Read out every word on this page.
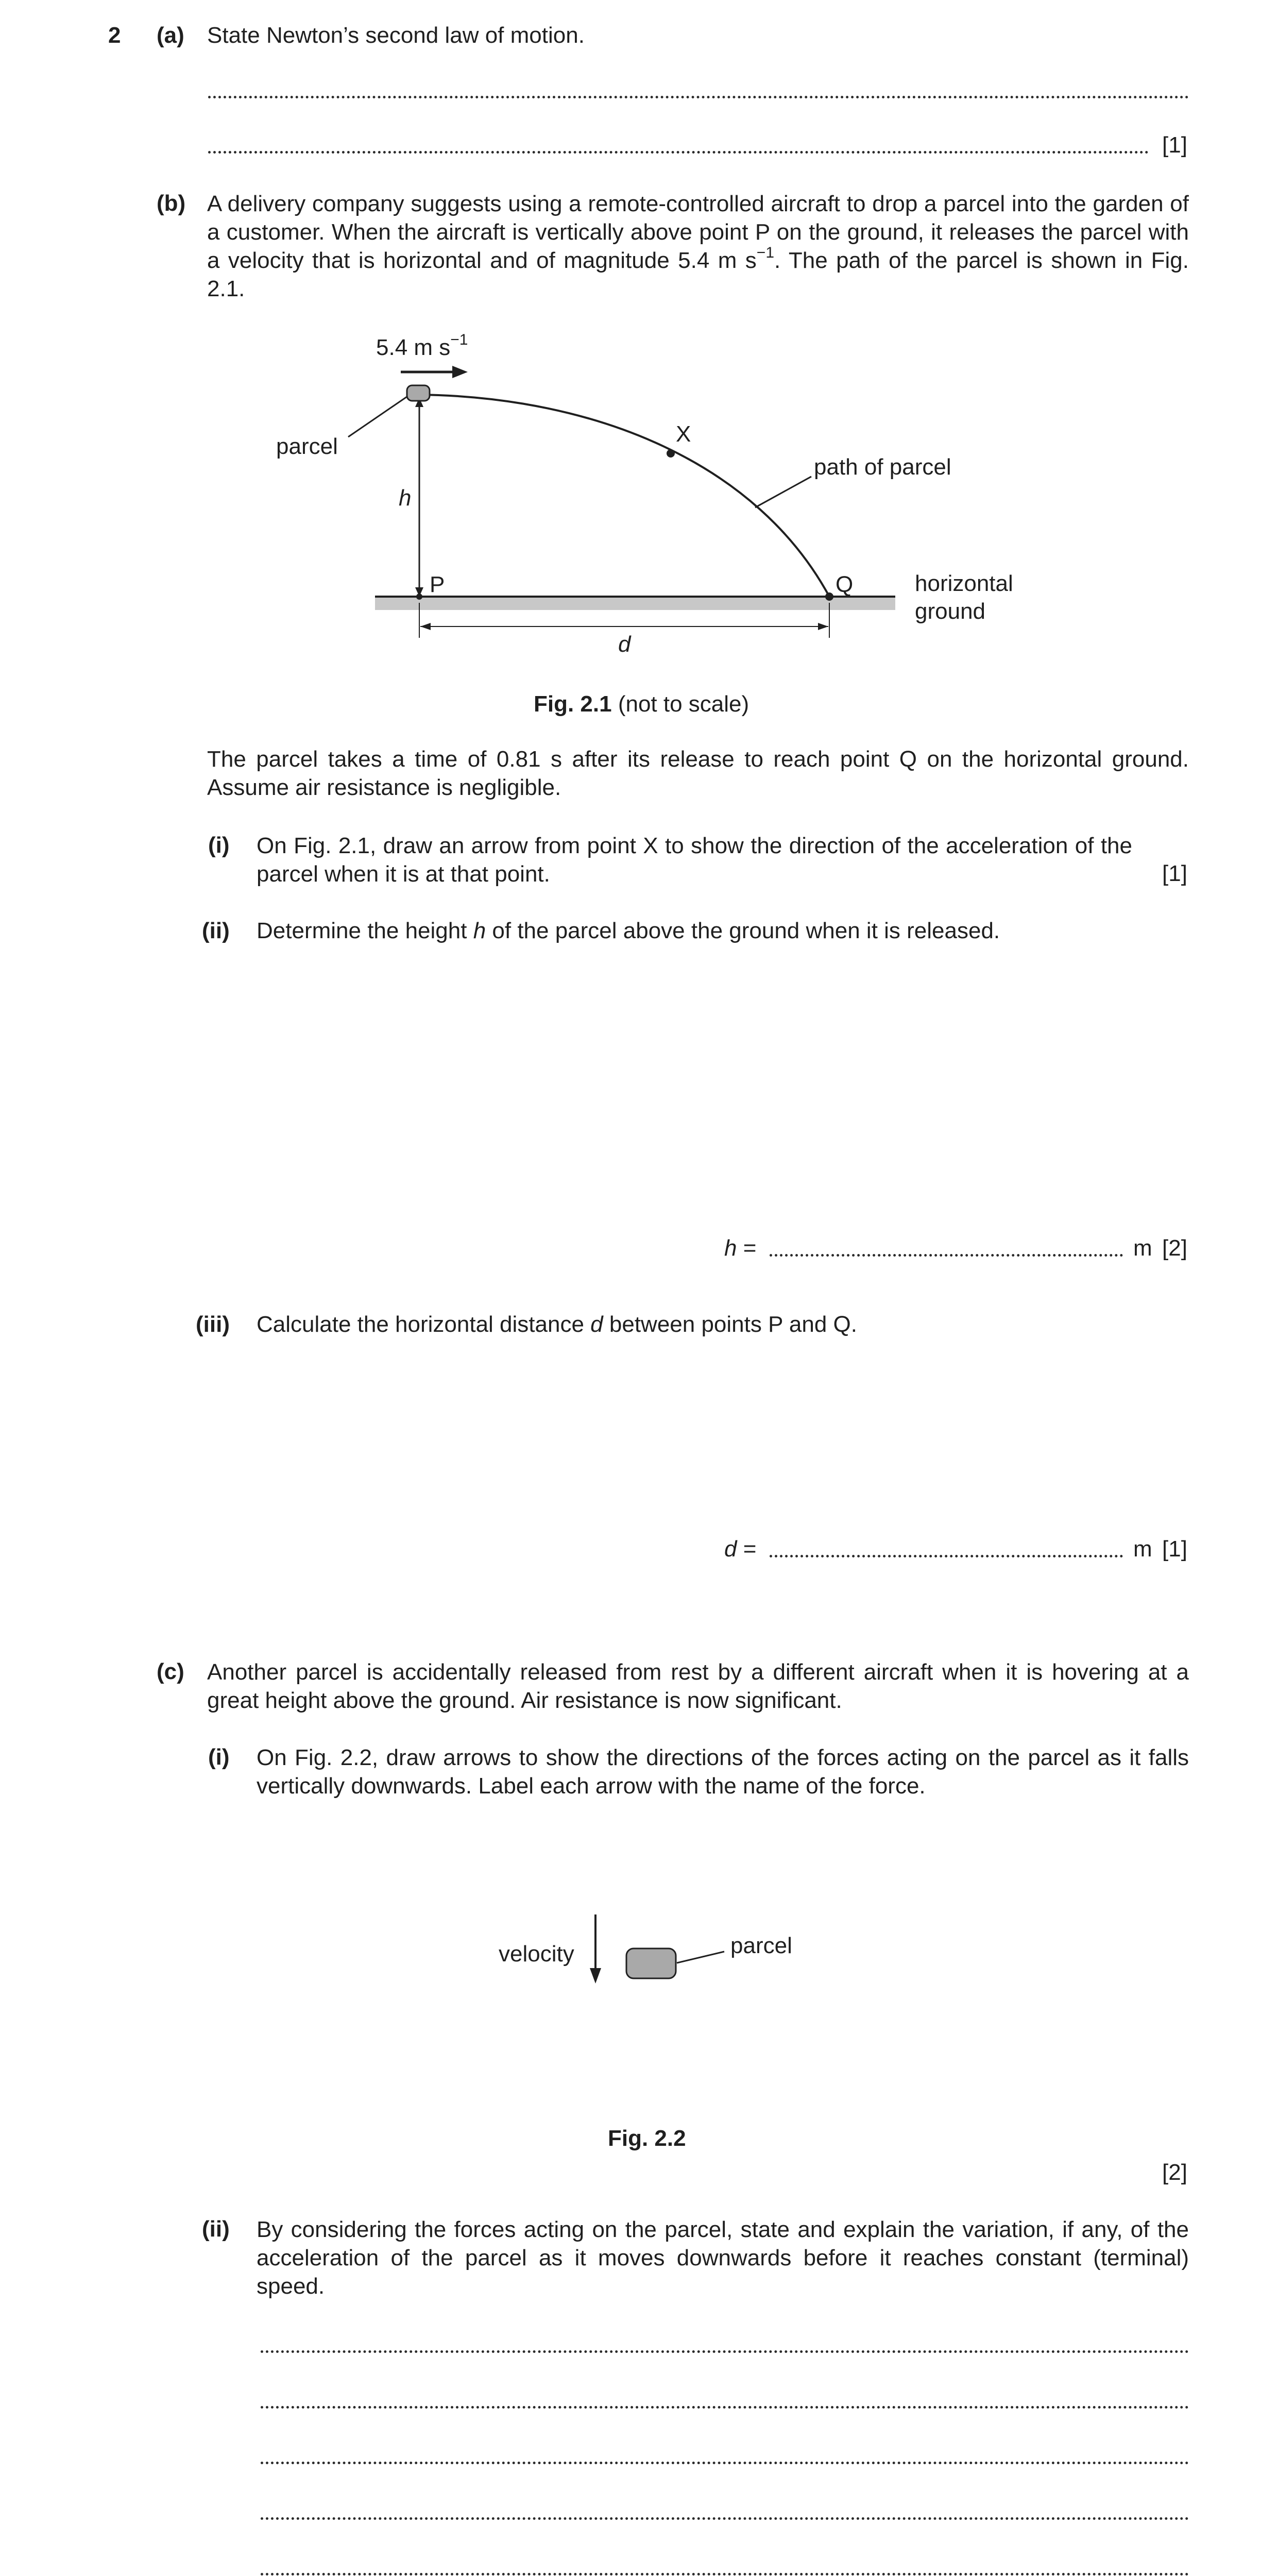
2 (a) State Newton’s second law of motion.
[1]
(b) A delivery company suggests using a remote-controlled aircraft to drop a parcel into the garden of a customer. When the aircraft is vertically above point P on the ground, it releases the parcel with a velocity that is horizontal and of magnitude 5.4 m $s^{-1}$. The path of the parcel is shown in Fig. 2.1.
5.4 m $s^{-1}$
parcel
h
X
path of parcel
P	Q	horizontal
ground
d
Fig. 2.1 (not to scale)
The parcel takes a time of 0.81 s after its release to reach point Q on the horizontal ground. Assume air resistance is negligible.
(i) On Fig. 2.1, draw an arrow from point X to show the direction of the acceleration of the parcel when it is at that point.	[1]
(ii) Determine the height h of the parcel above the ground when it is released.
h =	m [2]
(iii) Calculate the horizontal distance d between points P and Q.
d =	m [1]
(c) Another parcel is accidentally released from rest by a different aircraft when it is hovering at a great height above the ground. Air resistance is now significant.
(i) On Fig. 2.2, draw arrows to show the directions of the forces acting on the parcel as it falls vertically downwards. Label each arrow with the name of the force.
velocity	parcel
Fig. 2.2
[2]
(ii) By considering the forces acting on the parcel, state and explain the variation, if any, of the acceleration of the parcel as it moves downwards before it reaches constant (terminal) speed.
